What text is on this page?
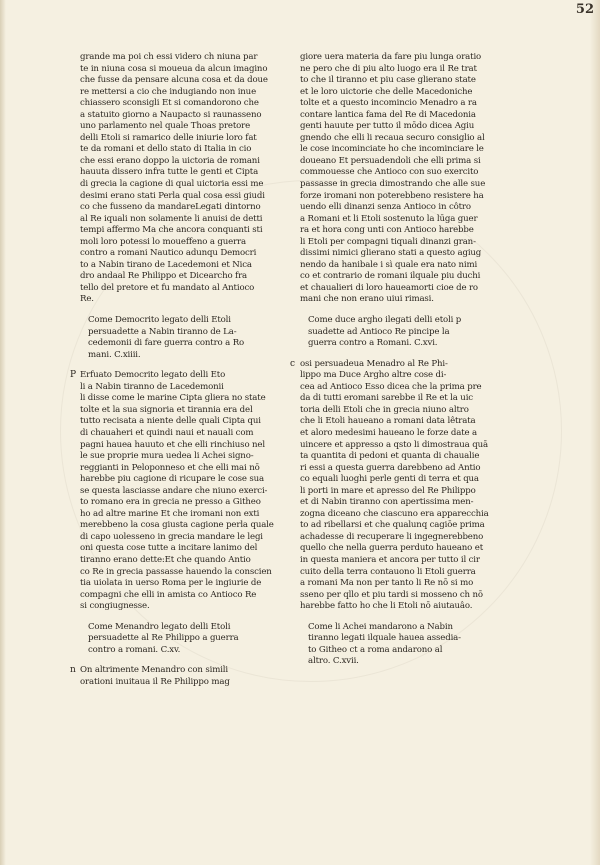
52
grande ma poi ch essi videro ch niuna par
te in niuna cosa si moueua da alcun imagino
che fusse da pensare alcuna cosa et da doue
re mettersi a cio che indugiando non inue
chiassero sconsigli Et si comandorono che
a statuito giorno a Naupacto si raunasseno
uno parlamento nel quale Thoas pretore
delli Etoli si ramarico delle iniurie loro fat
te da romani et dello stato di Italia in cio
che essi erano doppo la uictoria de romani
hauuta dissero infra tutte le genti et Cipta
di grecia la cagione di qual uictoria essi me
desimi erano stati Perla qual cosa essi giudi
co che fusseno da mandareLegati dintorno
al Re iquali non solamente li anuisi de detti
tempi affermo Ma che ancora conquanti sti
moli loro potessi lo moueffeno a guerra
contro a romani Nautico adunqu Democri
to a Nabin tirano de Lacedemoni et Nica
dro andaal Re Philippo et Dicearcho fra
tello del pretore et fu mandato al Antioco
Re.
Come Democrito legato delli Etoli
persuadette a Nabin tiranno de La-
cedemonii di fare guerra contro a Ro
mani. C.xiiii.
P Erfuato Democrito legato delli Eto
li a Nabin tiranno de Lacedemonii
li disse come le marine Cipta gliera no state
tolte et la sua signoria et tirannia era del
tutto recisata a niente delle quali Cipta qui
di chauaheri et quindi naui et nauali com
pagni hauea hauuto et che elli rinchiuso nel
le sue proprie mura uedea li Achei signo-
reggianti in Peloponneso et che elli mai nō
harebbe piu cagione di ricupare le cose sua
se questa lasciasse andare che niuno exerci-
to romano era in grecia ne presso a Githeo
ho ad altre marine Et che iromani non exti
merebbeno la cosa giusta cagione perla quale
di capo uolesseno in grecia mandare le legi
oni questa cose tutte a incitare lanimo del
tiranno erano dette:Et che quando Antio
co Re in grecia passasse hauendo la conscien
tia uiolata in uerso Roma per le ingiurie de
compagni che elli in amista co Antioco Re
si congiugnesse.
Come Menandro legato delli Etoli
persuadette al Re Philippo a guerra
contro a romani. C.xv.
n On altrimente Menandro con simili
orationi inuitaua il Re Philippo mag
giore uera materia da fare piu lunga oratio
ne pero che di piu alto luogo era il Re trat
to che il tiranno et piu case glierano state
et le loro uictorie che delle Macedoniche
tolte et a questo incomincio Menadro a ra
contare lantica fama del Re di Macedonia
genti hauute per tutto il mōdo dicea Agiu
gnendo che elli li recaua securo consiglio al
le cose incominciate ho che incominciare le
doueano Et persuadendoli che elli prima si
commouesse che Antioco con suo exercito
passasse in grecia dimostrando che alle sue
forze iromani non poterebbeno resistere ha
uendo elli dinanzi senza Antioco in côtro
a Romani et li Etoli sostenuto la lūga guer
ra et hora cong unti con Antioco harebbe
li Etoli per compagni tiquali dinanzi gran-
dissimi nimici glierano stati a questo agiug
nendo da hanibale i sì quale era nato nimi
co et contrario de romani ilquale piu duchi
et chaualieri di loro haueamorti cioe de ro
mani che non erano uiui rimasi.
Come duce argho ilegati delli etoli p
suadette ad Antioco Re pincipe la
guerra contro a Romani. C.xvi.
c osi persuadeua Menadro al Re Phi-
lippo ma Duce Argho altre cose di-
cea ad Antioco Esso dicea che la prima pre
da di tutti eromani sarebbe il Re et la uic
toria delli Etoli che in grecia niuno altro
che li Etoli haueano a romani data lêtrata
et aloro medesimi haueano le forze date a
uincere et appresso a qsto li dimostraua quā
ta quantita di pedoni et quanta di chaualie
ri essi a questa guerra darebbeno ad Antio
co equali luoghi perle genti di terra et qua
li porti in mare et apresso del Re Philippo
et di Nabin tiranno con apertissima men-
zogna diceano che ciascuno era apparecchia
to ad ribellarsi et che qualunq cagiōe prima
achadesse di recuperare li ingegnerebbeno
quello che nella guerra perduto haueano et
in questa maniera et ancora per tutto il cir
cuito della terra contauono li Etoli guerra
a romani Ma non per tanto li Re nō si mo
sseno per qllo et piu tardi si mosseno ch nō
harebbe fatto ho che li Etoli nō aiutauâo.
Come li Achei mandarono a Nabin
tiranno legati ilquale hauea assedia-
to Githeo ct a roma andarono al
altro. C.xvii.
